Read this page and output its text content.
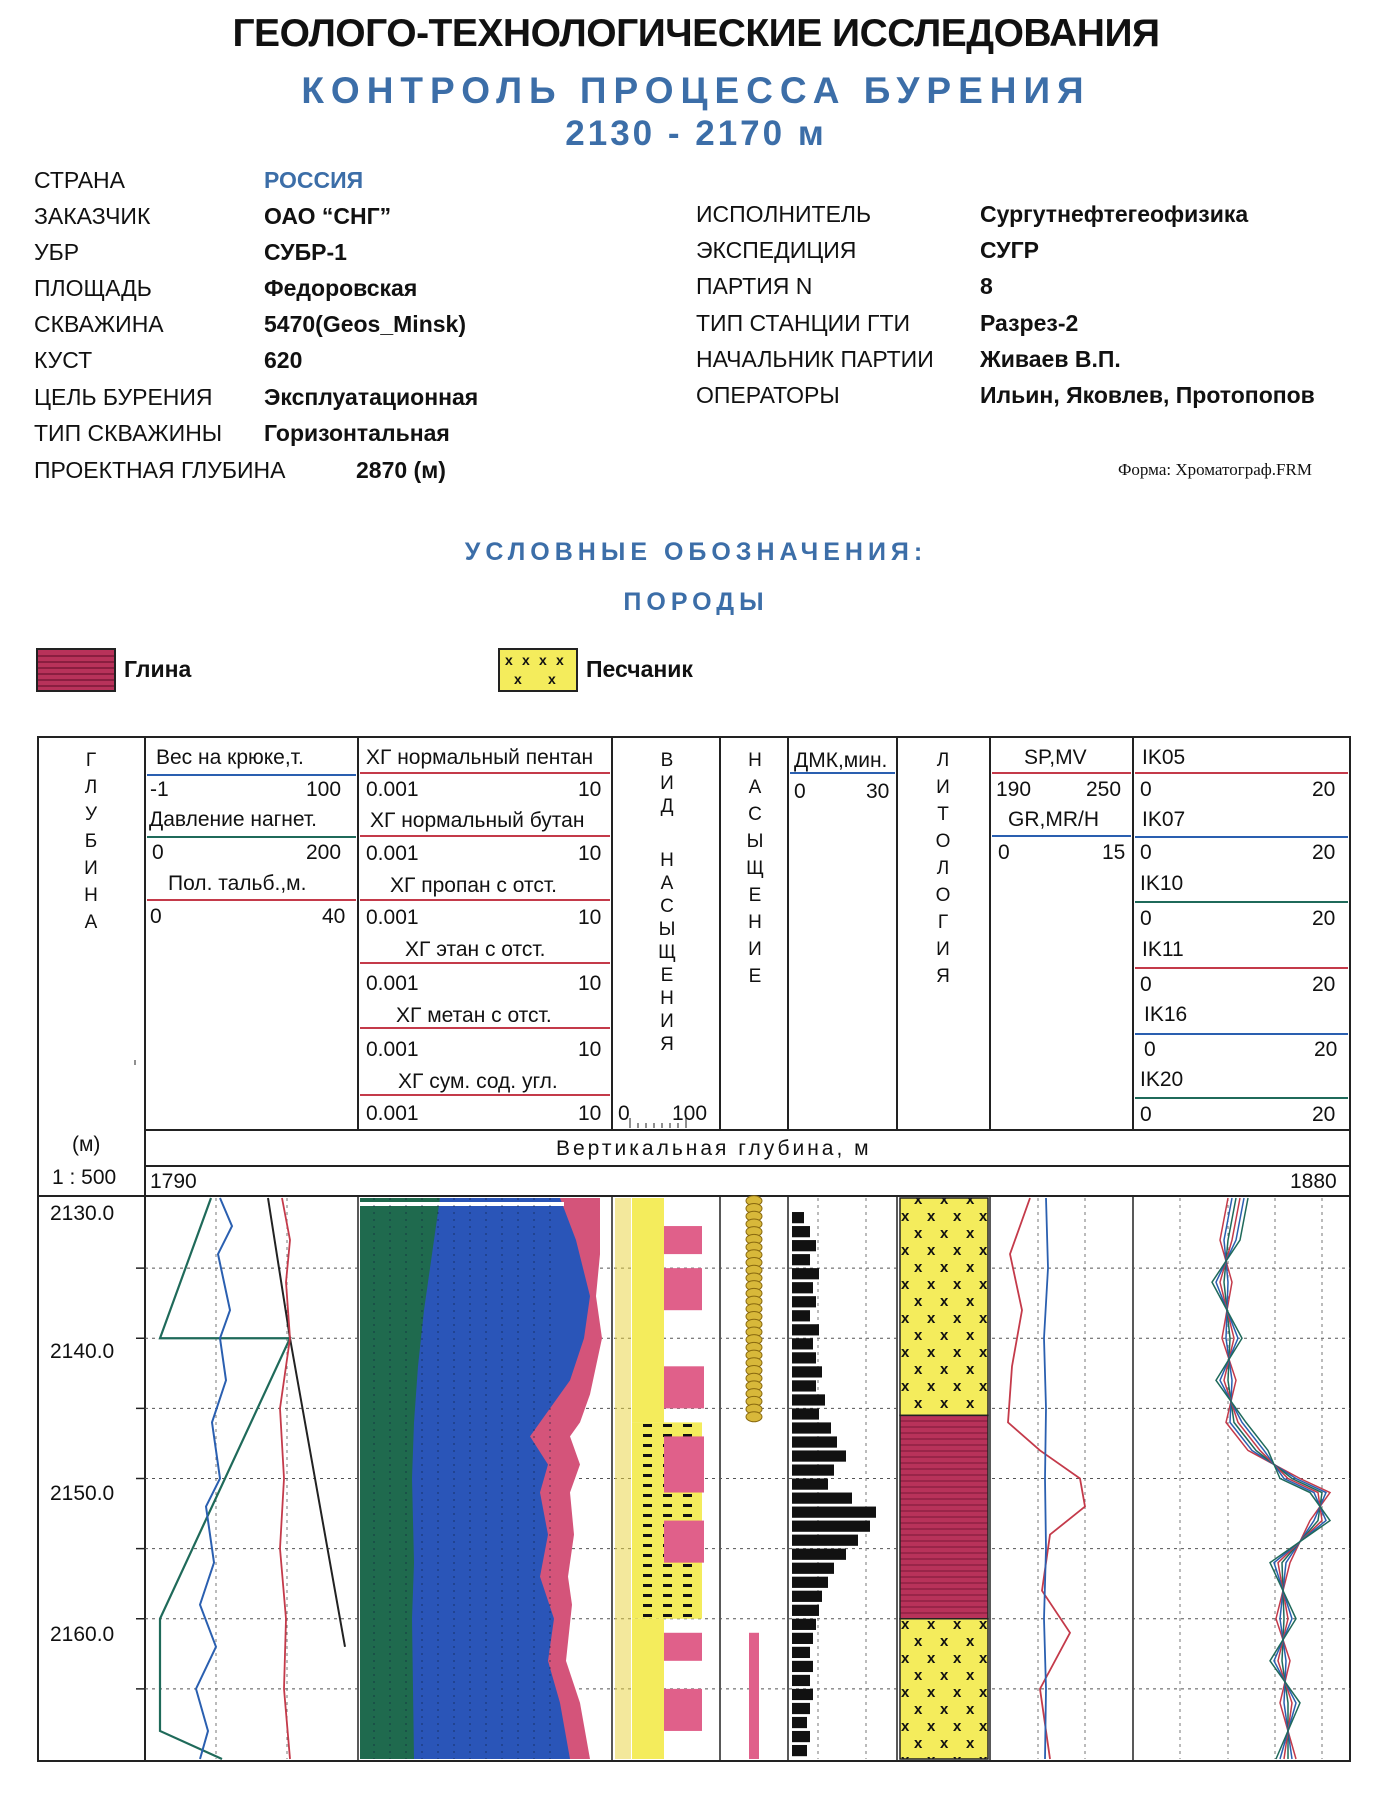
ГЕОЛОГО-ТЕХНОЛОГИЧЕСКИЕ ИССЛЕДОВАНИЯ
КОНТРОЛЬ ПРОЦЕССА БУРЕНИЯ
2130 - 2170 м
СТРАНА	РОССИЯ
ЗАКАЗЧИК	ОАО “СНГ”
УБР	СУБР-1
ПЛОЩАДЬ	Федоровская
СКВАЖИНА	5470(Geos_Minsk)
КУСТ	620
ЦЕЛЬ БУРЕНИЯ Эксплуатационная
ТИП СКВАЖИНЫ Горизонтальная
ПРОЕКТНАЯ ГЛУБИНА	2870 (м)
ИСПОЛНИТЕЛЬ	Сургутнефтегеофизика
ЭКСПЕДИЦИЯ	СУГР
ПАРТИЯ N	8
ТИП СТАНЦИИ ГТИ	Разрез-2
НАЧАЛЬНИК ПАРТИИ Живаев В.П.
ОПЕРАТОРЫ	Ильин, Яковлев, Протопопов
Форма: Хроматограф.FRM
УСЛОВНЫЕ ОБОЗНАЧЕНИЯ:
ПОРОДЫ
Глина	x x x x
x x Песчаник
Г
Л
У
Б
И
Н
А
(м)
1 : 500
Вес на крюке,т.
-1	100
Давление нагнет.
0	200
Пол. тальб.,м.
0	40
ХГ нормальный пентан
0.001	10
ХГ нормальный бутан
0.001	10
ХГ пропан с отст.
0.001	10
ХГ этан с отст.
0.001	10
ХГ метан с отст.
0.001	10
ХГ сум. сод. угл.
0.001	10
В
И
Д
Н
А
С
Ы
Щ
Е
Н
И
Я
0 100
Н
А
С
Ы
Щ
Е
Н
И
Е
ДМК,мин.
0	30
Л
И
Т
О
Л
О
Г
И
Я
SP,MV
190	250
GR,MR/H
0	15
IK05
0	20
IK07
0	20
IK10
0	20
IK11
0	20
IK16
0	20
IK20
0	20
Вертикальная глубина, м
1790	1880
2130.0
2140.0
2150.0
2160.0
